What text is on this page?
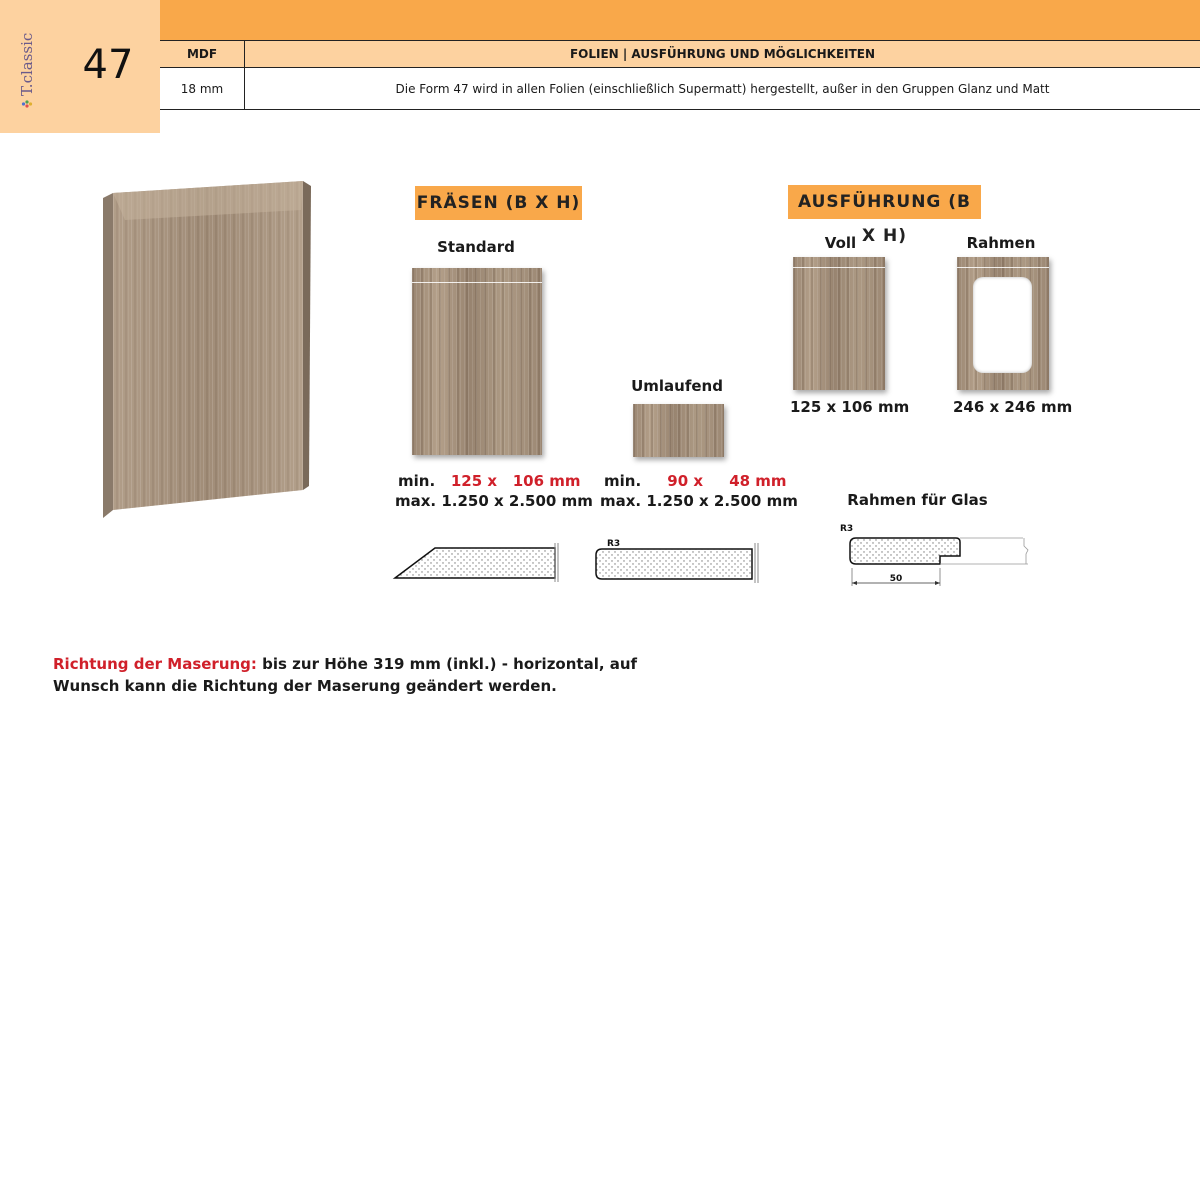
T.classic	47	MDF	FOLIEN | AUSFÜHRUNG UND MÖGLICHKEITEN
18 mm	Die Form 47 wird in allen Folien (einschließlich Supermatt) hergestellt, außer in den Gruppen Glanz und Matt
FRÄSEN (B X H)
Standard
Umlaufend
min. 125 x 106 mm
max. 1.250 x 2.500 mm
min. 90 x 48 mm
max. 1.250 x 2.500 mm
R3
AUSFÜHRUNG (B X H)
Voll	Rahmen
125 x 106 mm	246 x 246 mm
Rahmen für Glas
R3
50
Richtung der Maserung: bis zur Höhe 319 mm (inkl.) - horizontal, auf Wunsch kann die Richtung der Maserung geändert werden.
